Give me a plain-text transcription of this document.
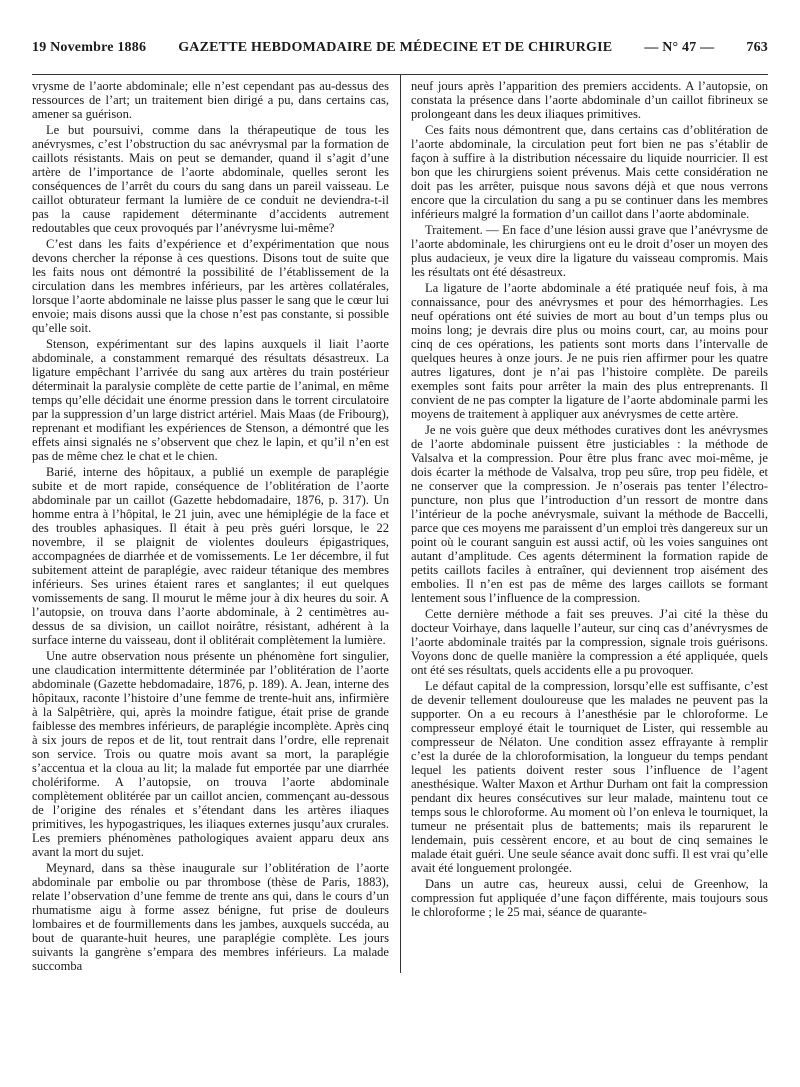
19 Novembre 1886 GAZETTE HEBDOMADAIRE DE MÉDECINE ET DE CHIRURGIE — N° 47 — 763

vrysme de l’aorte abdominale; elle n’est cependant pas au-dessus des ressources de l’art; un traitement bien dirigé a pu, dans certains cas, amener sa guérison.

Le but poursuivi, comme dans la thérapeutique de tous les anévrysmes, c’est l’obstruction du sac anévrysmal par la formation de caillots résistants. Mais on peut se demander, quand il s’agit d’une artère de l’importance de l’aorte abdominale, quelles seront les conséquences de l’arrêt du cours du sang dans un pareil vaisseau. Le caillot obturateur fermant la lumière de ce conduit ne deviendra-t-il pas la cause rapidement déterminante d’accidents autrement redoutables que ceux provoqués par l’anévrysme lui-même?

C’est dans les faits d’expérience et d’expérimentation que nous devons chercher la réponse à ces questions. Disons tout de suite que les faits nous ont démontré la possibilité de l’établissement de la circulation dans les membres inférieurs, par les artères collatérales, lorsque l’aorte abdominale ne laisse plus passer le sang que le cœur lui envoie; mais disons aussi que la chose n’est pas constante, si possible qu’elle soit.

Stenson, expérimentant sur des lapins auxquels il liait l’aorte abdominale, a constamment remarqué des résultats désastreux. La ligature empêchant l’arrivée du sang aux artères du train postérieur déterminait la paralysie complète de cette partie de l’animal, en même temps qu’elle décidait une énorme pression dans le torrent circulatoire par la suppression d’un large district artériel. Mais Maas (de Fribourg), reprenant et modifiant les expériences de Stenson, a démontré que les effets ainsi signalés ne s’observent que chez le lapin, et qu’il n’en est pas de même chez le chat et le chien.

Barié, interne des hôpitaux, a publié un exemple de paraplégie subite et de mort rapide, conséquence de l’oblitération de l’aorte abdominale par un caillot (Gazette hebdomadaire, 1876, p. 317). Un homme entra à l’hôpital, le 21 juin, avec une hémiplégie de la face et des troubles aphasiques. Il était à peu près guéri lorsque, le 22 novembre, il se plaignit de violentes douleurs épigastriques, accompagnées de diarrhée et de vomissements. Le 1er décembre, il fut subitement atteint de paraplégie, avec raideur tétanique des membres inférieurs. Ses urines étaient rares et sanglantes; il eut quelques vomissements de sang. Il mourut le même jour à dix heures du soir. A l’autopsie, on trouva dans l’aorte abdominale, à 2 centimètres au-dessus de sa division, un caillot noirâtre, résistant, adhérent à la surface interne du vaisseau, dont il oblitérait complètement la lumière.

Une autre observation nous présente un phénomène fort singulier, une claudication intermittente déterminée par l’oblitération de l’aorte abdominale (Gazette hebdomadaire, 1876, p. 189). A. Jean, interne des hôpitaux, raconte l’histoire d’une femme de trente-huit ans, infirmière à la Salpêtrière, qui, après la moindre fatigue, était prise de grande faiblesse des membres inférieurs, de paraplégie incomplète. Après cinq à six jours de repos et de lit, tout rentrait dans l’ordre, elle reprenait son service. Trois ou quatre mois avant sa mort, la paraplégie s’accentua et la cloua au lit; la malade fut emportée par une diarrhée cholériforme. A l’autopsie, on trouva l’aorte abdominale complètement oblitérée par un caillot ancien, commençant au-dessous de l’origine des rénales et s’étendant dans les artères iliaques primitives, les hypogastriques, les iliaques externes jusqu’aux crurales. Les premiers phénomènes pathologiques avaient apparu deux ans avant la mort du sujet.

Meynard, dans sa thèse inaugurale sur l’oblitération de l’aorte abdominale par embolie ou par thrombose (thèse de Paris, 1883), relate l’observation d’une femme de trente ans qui, dans le cours d’un rhumatisme aigu à forme assez bénigne, fut prise de douleurs lombaires et de fourmillements dans les jambes, auxquels succéda, au bout de quarante-huit heures, une paraplégie complète. Les jours suivants la gangrène s’empara des membres inférieurs. La malade succomba

neuf jours après l’apparition des premiers accidents. A l’autopsie, on constata la présence dans l’aorte abdominale d’un caillot fibrineux se prolongeant dans les deux iliaques primitives.

Ces faits nous démontrent que, dans certains cas d’oblitération de l’aorte abdominale, la circulation peut fort bien ne pas s’établir de façon à suffire à la distribution nécessaire du liquide nourricier. Il est bon que les chirurgiens soient prévenus. Mais cette considération ne doit pas les arrêter, puisque nous savons déjà et que nous verrons encore que la circulation du sang a pu se continuer dans les membres inférieurs malgré la formation d’un caillot dans l’aorte abdominale.

Traitement. — En face d’une lésion aussi grave que l’anévrysme de l’aorte abdominale, les chirurgiens ont eu le droit d’oser un moyen des plus audacieux, je veux dire la ligature du vaisseau compromis. Mais les résultats ont été désastreux.

La ligature de l’aorte abdominale a été pratiquée neuf fois, à ma connaissance, pour des anévrysmes et pour des hémorrhagies. Les neuf opérations ont été suivies de mort au bout d’un temps plus ou moins long; je devrais dire plus ou moins court, car, au moins pour cinq de ces opérations, les patients sont morts dans l’intervalle de quelques heures à onze jours. Je ne puis rien affirmer pour les quatre autres ligatures, dont je n’ai pas l’histoire complète. De pareils exemples sont faits pour arrêter la main des plus entreprenants. Il convient de ne pas compter la ligature de l’aorte abdominale parmi les moyens de traitement à appliquer aux anévrysmes de cette artère.

Je ne vois guère que deux méthodes curatives dont les anévrysmes de l’aorte abdominale puissent être justiciables : la méthode de Valsalva et la compression. Pour être plus franc avec moi-même, je dois écarter la méthode de Valsalva, trop peu sûre, trop peu fidèle, et ne conserver que la compression. Je n’oserais pas tenter l’électro-puncture, non plus que l’introduction d’un ressort de montre dans l’intérieur de la poche anévrysmale, suivant la méthode de Baccelli, parce que ces moyens me paraissent d’un emploi très dangereux sur un point où le courant sanguin est aussi actif, où les voies sanguines ont autant d’amplitude. Ces agents déterminent la formation rapide de petits caillots faciles à entraîner, qui deviennent trop aisément des embolies. Il n’en est pas de même des larges caillots se formant lentement sous l’influence de la compression.

Cette dernière méthode a fait ses preuves. J’ai cité la thèse du docteur Voirhaye, dans laquelle l’auteur, sur cinq cas d’anévrysmes de l’aorte abdominale traités par la compression, signale trois guérisons. Voyons donc de quelle manière la compression a été appliquée, quels ont été ses résultats, quels accidents elle a pu provoquer.

Le défaut capital de la compression, lorsqu’elle est suffisante, c’est de devenir tellement douloureuse que les malades ne peuvent pas la supporter. On a eu recours à l’anesthésie par le chloroforme. Le compresseur employé était le tourniquet de Lister, qui ressemble au compresseur de Nélaton. Une condition assez effrayante à remplir c’est la durée de la chloroformisation, la longueur du temps pendant lequel les patients doivent rester sous l’influence de l’agent anesthésique. Walter Maxon et Arthur Durham ont fait la compression pendant dix heures consécutives sur leur malade, maintenu tout ce temps sous le chloroforme. Au moment où l’on enleva le tourniquet, la tumeur ne présentait plus de battements; mais ils reparurent le lendemain, puis cessèrent encore, et au bout de cinq semaines le malade était guéri. Une seule séance avait donc suffi. Il est vrai qu’elle avait été longuement prolongée.

Dans un autre cas, heureux aussi, celui de Greenhow, la compression fut appliquée d’une façon différente, mais toujours sous le chloroforme ; le 25 mai, séance de quarante-
